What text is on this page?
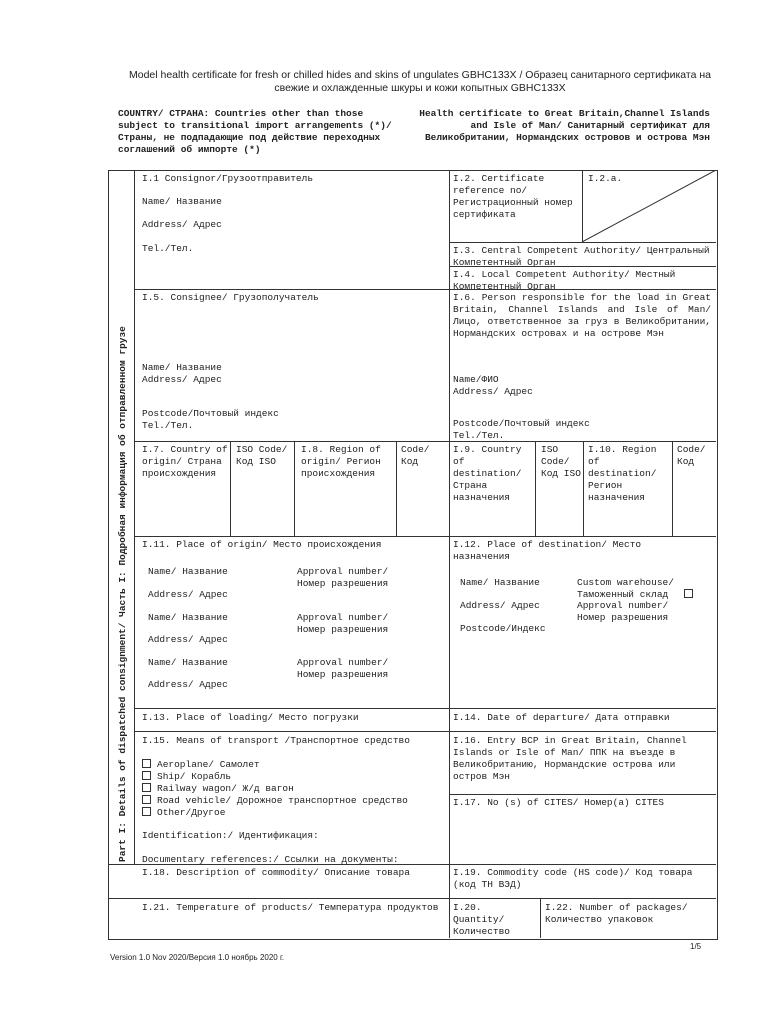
Model health certificate for fresh or chilled hides and skins of ungulates GBHC133X / Образец санитарного сертификата на свежие и охлажденные шкуры и кожи копытных GBHC133X
COUNTRY/ СТРАНА: Countries other than those subject to transitional import arrangements (*)/Страны, не подпадающие под действие переходных соглашений об импорте (*)
Health certificate to Great Britain,Channel Islands and Isle of Man/ Санитарный сертификат для Великобритании, Нормандских островов и острова Мэн
Part I: Details of dispatched consignment/ Часть I: Подробная информация об отправленном грузе
I.1 Consignor/Грузоотправитель
Name/ Название
Address/ Адрес
Tel./Тел.
I.2. Certificate reference no/ Регистрационный номер сертификата
I.2.a.
I.3. Central Competent Authority/ Центральный Компетентный Орган
I.4. Local Competent Authority/ Местный Компетентный Орган
I.5. Consignee/ Грузополучатель
Name/ Название
Address/ Адрес
Postcode/Почтовый индекс
Tel./Тел.
I.6. Person responsible for the load in Great Britain, Channel Islands and Isle of Man/ Лицо, ответственное за груз в Великобритании, Нормандских островах и на острове Мэн
Name/ФИО
Address/ Адрес
Postcode/Почтовый индекс
Tel./Тел.
I.7. Country of origin/ Страна происхождения
ISO Code/ Код ISO
I.8. Region of origin/ Регион происхождения
Code/ Код
I.9. Country of destination/ Страна назначения
ISO Code/ Код ISO
I.10. Region of destination/ Регион назначения
Code/ Код
I.11. Place of origin/ Место происхождения
Name/ Название	Approval number/ Номер разрешения
Address/ Адрес
Name/ Название	Approval number/ Номер разрешения
Address/ Адрес
Name/ Название	Approval number/ Номер разрешения
Address/ Адрес
I.12. Place of destination/ Место назначения
Name/ Название
Address/ Адрес
Postcode/Индекс
Custom warehouse/ Таможенный склад
Approval number/ Номер разрешения
I.13. Place of loading/ Место погрузки	I.14. Date of departure/ Дата отправки
I.15. Means of transport /Транспортное средство
Aeroplane/ Самолет
Ship/ Корабль
Railway wagon/ Ж/д вагон
Road vehicle/ Дорожное транспортное средство
Other/Другое
Identification:/ Идентификация:
Documentary references:/ Ссылки на документы:
I.16. Entry BCP in Great Britain, Channel Islands or Isle of Man/ ППК на въезде в Великобританию, Нормандские острова или остров Мэн
I.17. No (s) of CITES/ Номер(а) CITES
I.18. Description of commodity/ Описание товара	I.19. Commodity code (HS code)/ Код товара (код ТН ВЭД)
I.21. Temperature of products/ Температура продуктов	I.20. Quantity/ Количество
I.22. Number of packages/ Количество упаковок
1/5
Version 1.0 Nov 2020/Версия 1.0 ноябрь 2020 г.
